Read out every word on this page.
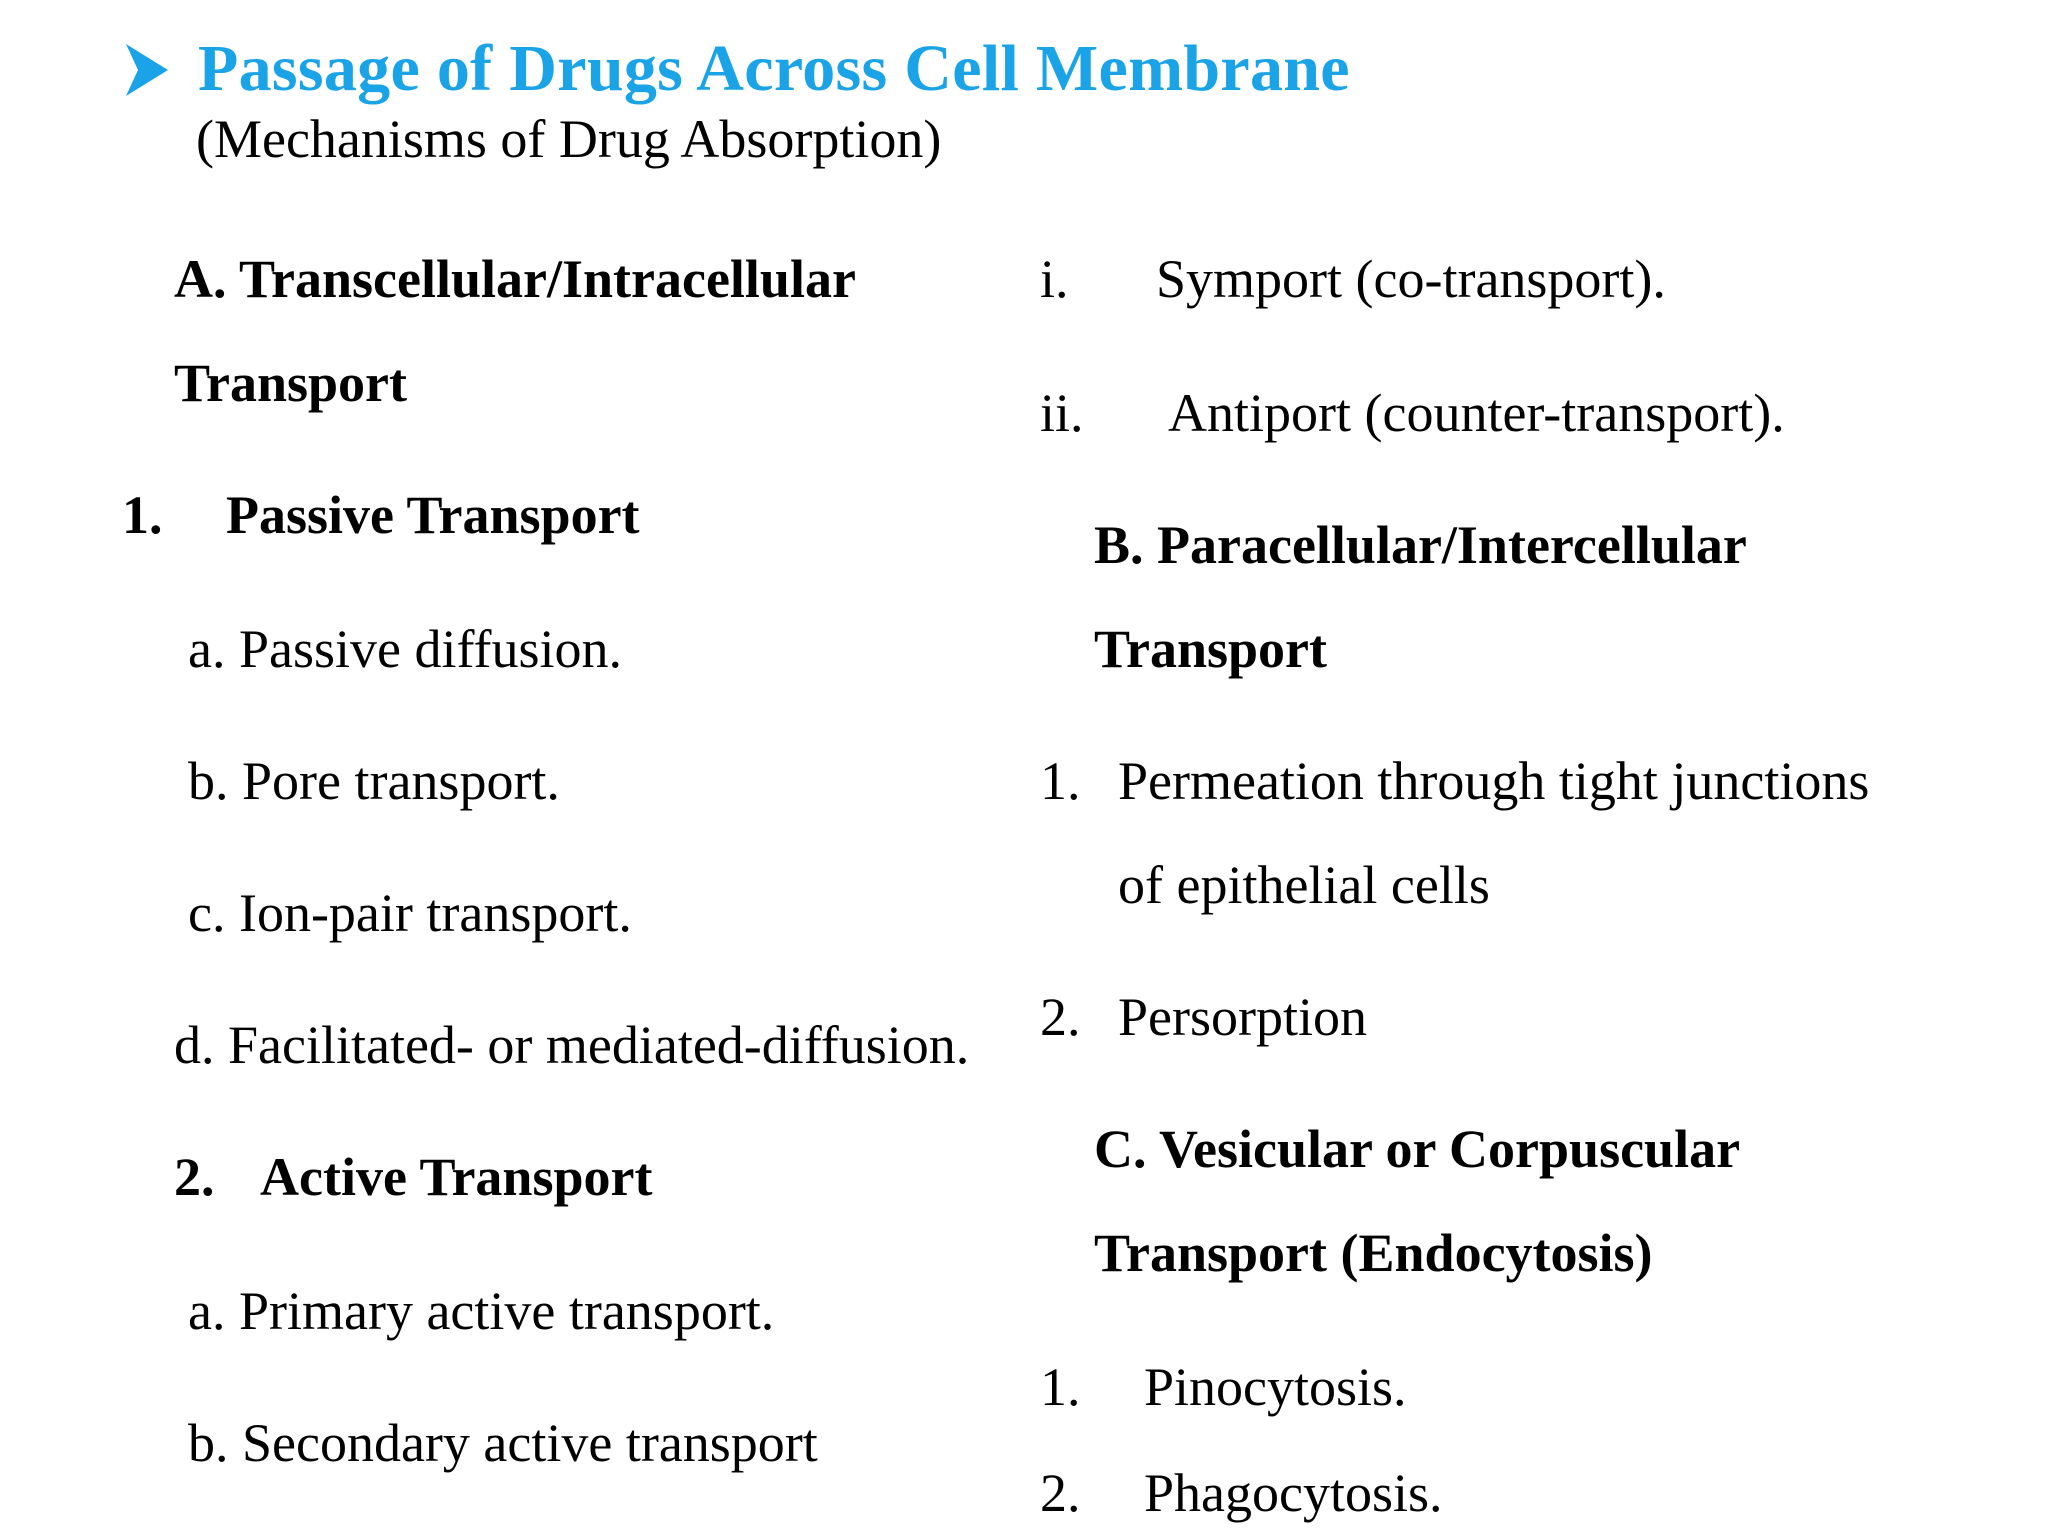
Passage of Drugs Across Cell Membrane
(Mechanisms of Drug Absorption)
A. Transcellular/Intracellular
Transport
1. Passive Transport
a. Passive diffusion.
b. Pore transport.
c. Ion-pair transport.
d. Facilitated- or mediated-diffusion.
2. Active Transport
a. Primary active transport.
b. Secondary active transport
i. Symport (co-transport).
ii. Antiport (counter-transport).
B. Paracellular/Intercellular
Transport
1. Permeation through tight junctions
of epithelial cells
2. Persorption
C. Vesicular or Corpuscular
Transport (Endocytosis)
1. Pinocytosis.
2. Phagocytosis.
